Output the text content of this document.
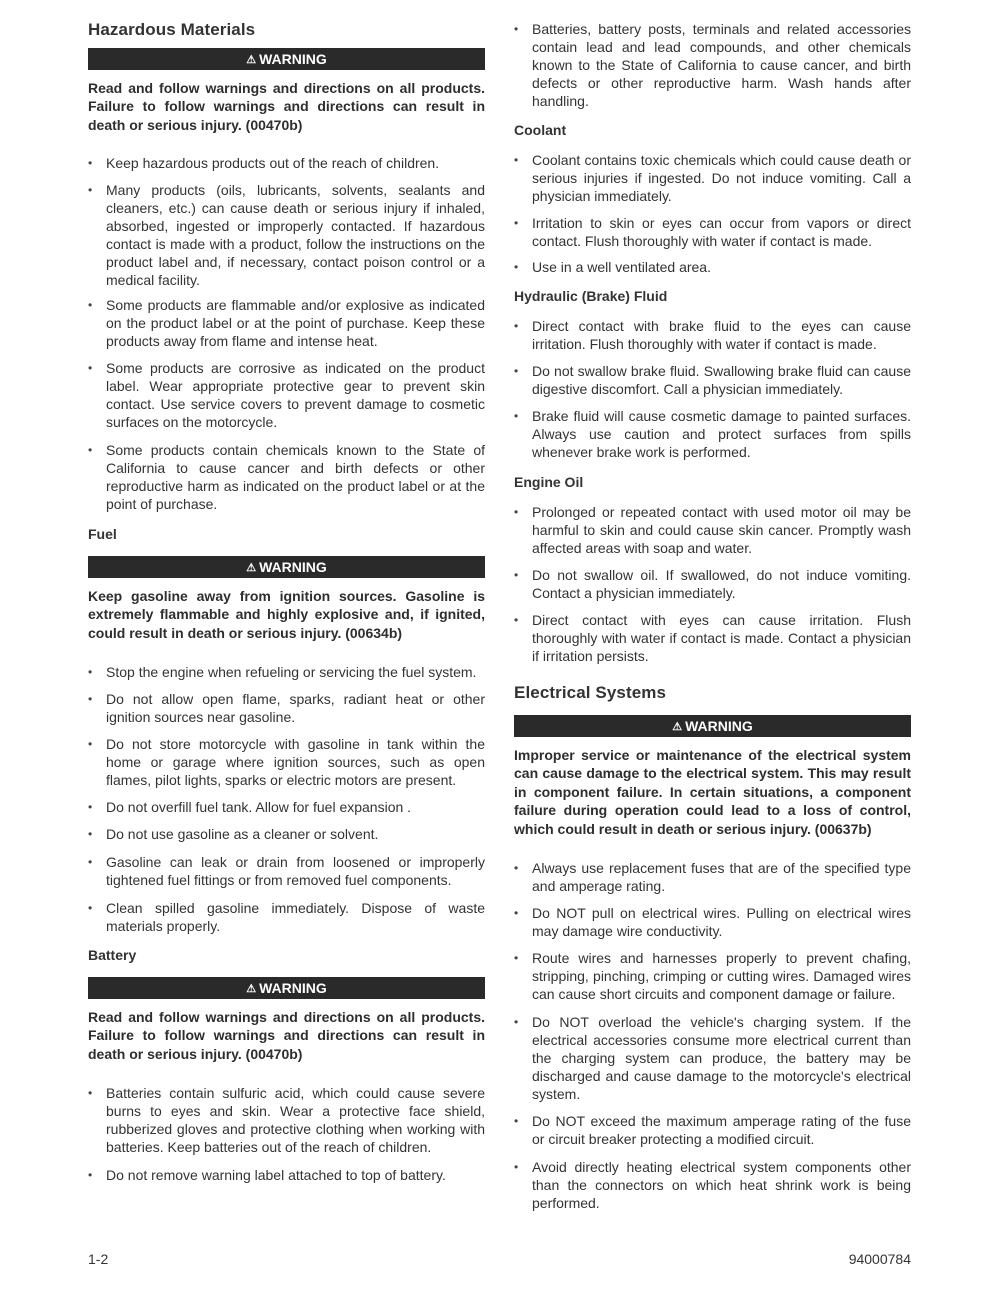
Hazardous Materials
⚠ WARNING

Read and follow warnings and directions on all products. Failure to follow warnings and directions can result in death or serious injury. (00470b)

• Keep hazardous products out of the reach of children.
• Many products (oils, lubricants, solvents, sealants and cleaners, etc.) can cause death or serious injury if inhaled, absorbed, ingested or improperly contacted. If hazardous contact is made with a product, follow the instructions on the product label and, if necessary, contact poison control or a medical facility.
• Some products are flammable and/or explosive as indicated on the product label or at the point of purchase. Keep these products away from flame and intense heat.
• Some products are corrosive as indicated on the product label. Wear appropriate protective gear to prevent skin contact. Use service covers to prevent damage to cosmetic surfaces on the motorcycle.
• Some products contain chemicals known to the State of California to cause cancer and birth defects or other reproductive harm as indicated on the product label or at the point of purchase.
Fuel
⚠ WARNING

Keep gasoline away from ignition sources. Gasoline is extremely flammable and highly explosive and, if ignited, could result in death or serious injury. (00634b)

• Stop the engine when refueling or servicing the fuel system.
• Do not allow open flame, sparks, radiant heat or other ignition sources near gasoline.
• Do not store motorcycle with gasoline in tank within the home or garage where ignition sources, such as open flames, pilot lights, sparks or electric motors are present.
• Do not overfill fuel tank. Allow for fuel expansion .
• Do not use gasoline as a cleaner or solvent.
• Gasoline can leak or drain from loosened or improperly tightened fuel fittings or from removed fuel components.
• Clean spilled gasoline immediately. Dispose of waste materials properly.
Battery
⚠ WARNING

Read and follow warnings and directions on all products. Failure to follow warnings and directions can result in death or serious injury. (00470b)

• Batteries contain sulfuric acid, which could cause severe burns to eyes and skin. Wear a protective face shield, rubberized gloves and protective clothing when working with batteries. Keep batteries out of the reach of children.
• Do not remove warning label attached to top of battery.
• Batteries, battery posts, terminals and related accessories contain lead and lead compounds, and other chemicals known to the State of California to cause cancer, and birth defects or other reproductive harm. Wash hands after handling.
Coolant
• Coolant contains toxic chemicals which could cause death or serious injuries if ingested. Do not induce vomiting. Call a physician immediately.
• Irritation to skin or eyes can occur from vapors or direct contact. Flush thoroughly with water if contact is made.
• Use in a well ventilated area.
Hydraulic (Brake) Fluid
• Direct contact with brake fluid to the eyes can cause irritation. Flush thoroughly with water if contact is made.
• Do not swallow brake fluid. Swallowing brake fluid can cause digestive discomfort. Call a physician immediately.
• Brake fluid will cause cosmetic damage to painted surfaces. Always use caution and protect surfaces from spills whenever brake work is performed.
Engine Oil
• Prolonged or repeated contact with used motor oil may be harmful to skin and could cause skin cancer. Promptly wash affected areas with soap and water.
• Do not swallow oil. If swallowed, do not induce vomiting. Contact a physician immediately.
• Direct contact with eyes can cause irritation. Flush thoroughly with water if contact is made. Contact a physician if irritation persists.
Electrical Systems
⚠ WARNING

Improper service or maintenance of the electrical system can cause damage to the electrical system. This may result in component failure. In certain situations, a component failure during operation could lead to a loss of control, which could result in death or serious injury. (00637b)

• Always use replacement fuses that are of the specified type and amperage rating.
• Do NOT pull on electrical wires. Pulling on electrical wires may damage wire conductivity.
• Route wires and harnesses properly to prevent chafing, stripping, pinching, crimping or cutting wires. Damaged wires can cause short circuits and component damage or failure.
• Do NOT overload the vehicle's charging system. If the electrical accessories consume more electrical current than the charging system can produce, the battery may be discharged and cause damage to the motorcycle's electrical system.
• Do NOT exceed the maximum amperage rating of the fuse or circuit breaker protecting a modified circuit.
• Avoid directly heating electrical system components other than the connectors on which heat shrink work is being performed.
1-2	94000784
